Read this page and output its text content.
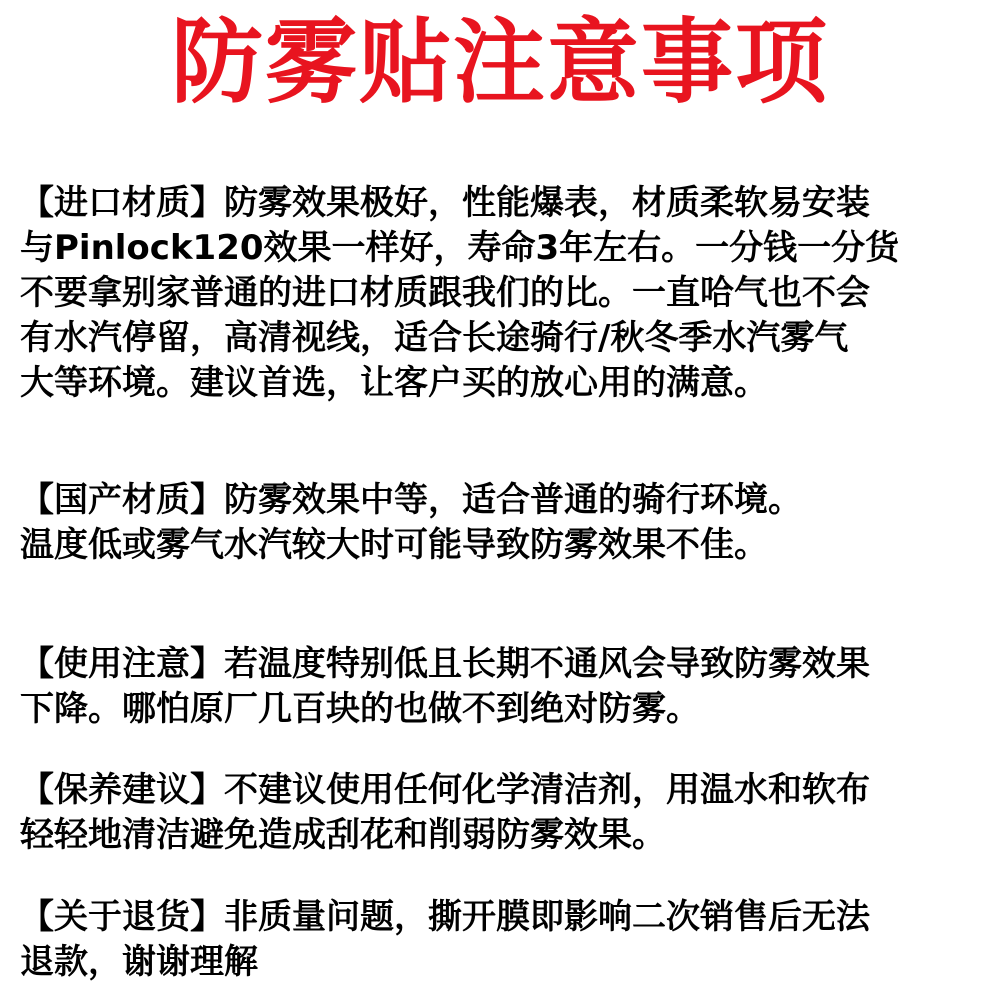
防雾贴注意事项
【进口材质】防雾效果极好，性能爆表，材质柔软易安装
与Pinlock120效果一样好，寿命3年左右。一分钱一分货
不要拿别家普通的进口材质跟我们的比。一直哈气也不会
有水汽停留，高清视线，适合长途骑行/秋冬季水汽雾气
大等环境。建议首选，让客户买的放心用的满意。
【国产材质】防雾效果中等，适合普通的骑行环境。
温度低或雾气水汽较大时可能导致防雾效果不佳。
【使用注意】若温度特别低且长期不通风会导致防雾效果
下降。哪怕原厂几百块的也做不到绝对防雾。
【保养建议】不建议使用任何化学清洁剂，用温水和软布
轻轻地清洁避免造成刮花和削弱防雾效果。
【关于退货】非质量问题，撕开膜即影响二次销售后无法
退款，谢谢理解
